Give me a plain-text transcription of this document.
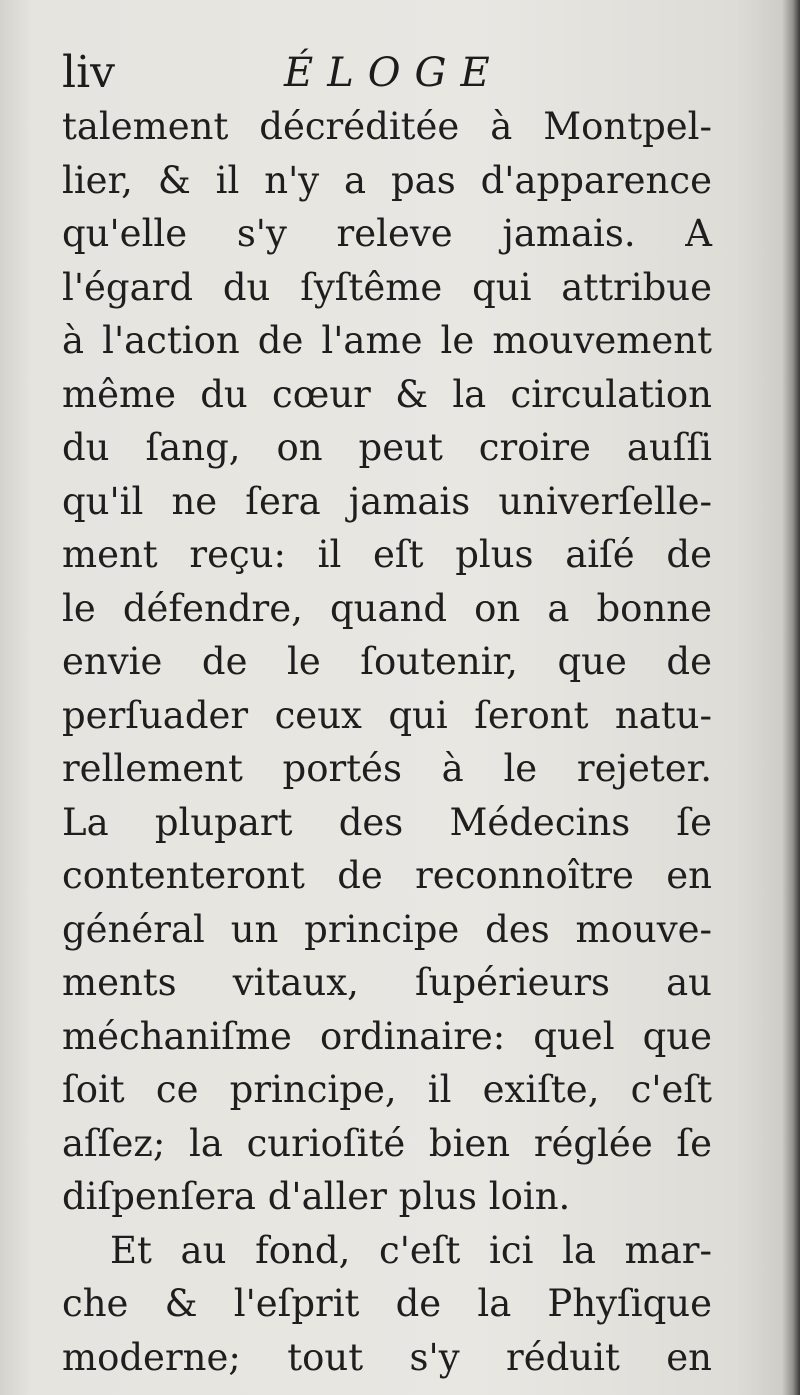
liv	ÉLOGE
talement décréditée à Montpel-
lier, & il n'y a pas d'apparence
qu'elle s'y releve jamais. A
l'égard du ſyſtême qui attribue
à l'action de l'ame le mouvement
même du cœur & la circulation
du ſang, on peut croire auſſi
qu'il ne ſera jamais univerſelle-
ment reçu: il eſt plus aiſé de
le défendre, quand on a bonne
envie de le ſoutenir, que de
perſuader ceux qui ſeront natu-
rellement portés à le rejeter.
La plupart des Médecins ſe
contenteront de reconnoître en
général un principe des mouve-
ments vitaux, ſupérieurs au
méchaniſme ordinaire: quel que
ſoit ce principe, il exiſte, c'eſt
aſſez; la curioſité bien réglée ſe
diſpenſera d'aller plus loin.
Et au fond, c'eſt ici la mar-
che & l'eſprit de la Phyſique
moderne; tout s'y réduit en
